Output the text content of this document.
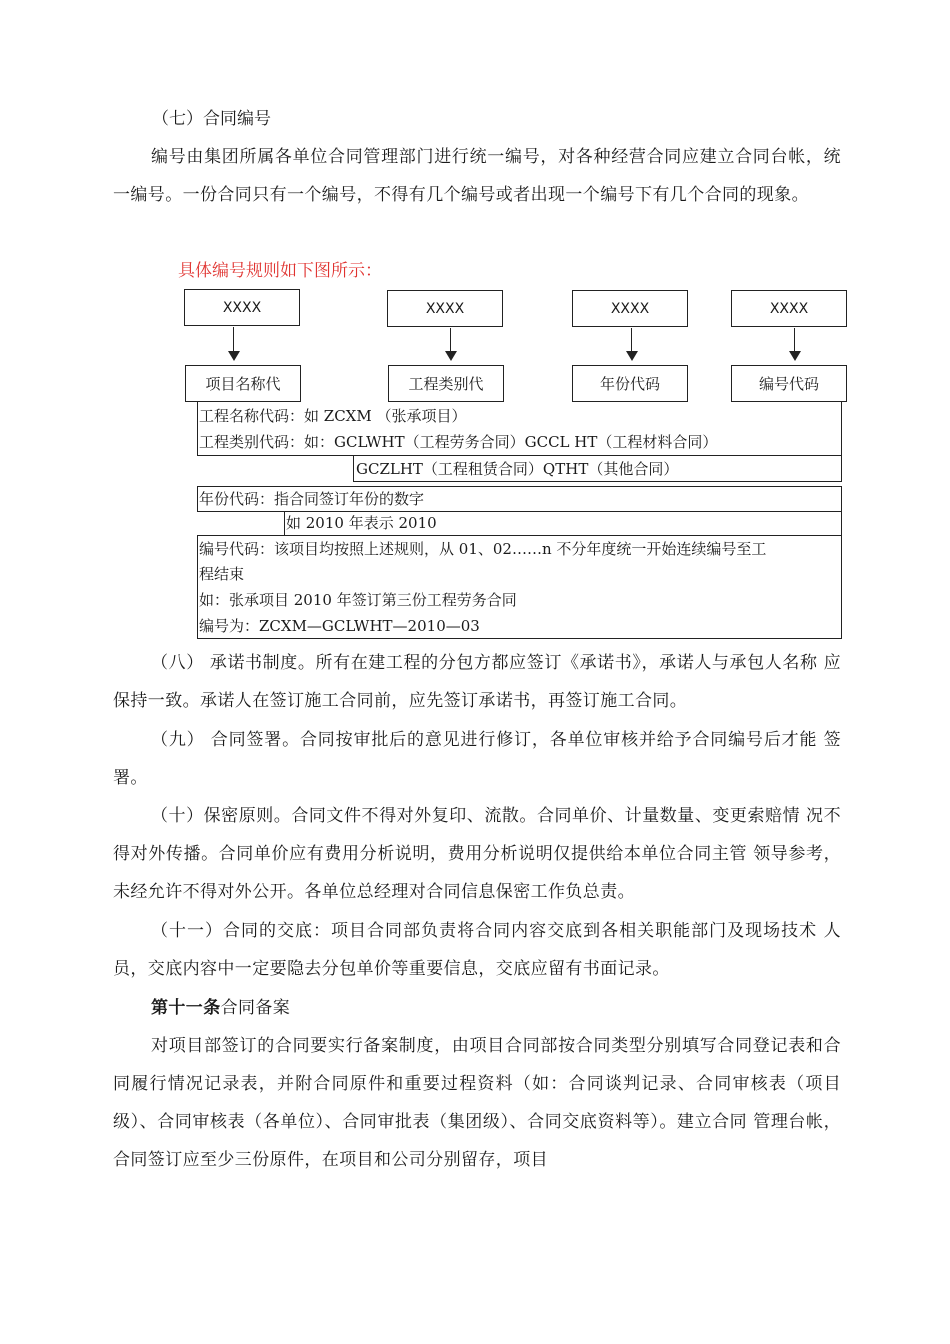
（七）合同编号

编号由集团所属各单位合同管理部门进行统一编号，对各种经营合同应建立合同台帐，统一编号。一份合同只有一个编号，不得有几个编号或者出现一个编号下有几个合同的现象。

具体编号规则如下图所示：
XXXX	XXXX	XXXX	XXXX
项目名称代	工程类别代	年份代码	编号代码
工程名称代码：如 ZCXM （张承项目）
工程类别代码：如：GCLWHT（工程劳务合同）GCCL HT（工程材料合同）
GCZLHT（工程租赁合同）QTHT（其他合同）
年份代码：指合同签订年份的数字
如 2010 年表示 2010
编号代码：该项目均按照上述规则，从 01、02……n 不分年度统一开始连续编号至工
程结束
如：张承项目 2010 年签订第三份工程劳务合同
编号为：ZCXM—GCLWHT—2010—03

（八） 承诺书制度。所有在建工程的分包方都应签订《承诺书》，承诺人与承包人名称 应保持一致。承诺人在签订施工合同前，应先签订承诺书，再签订施工合同。

（九） 合同签署。合同按审批后的意见进行修订，各单位审核并给予合同编号后才能 签署。

（十）保密原则。合同文件不得对外复印、流散。合同单价、计量数量、变更索赔情 况不得对外传播。合同单价应有费用分析说明，费用分析说明仅提供给本单位合同主管 领导参考，未经允许不得对外公开。各单位总经理对合同信息保密工作负总责。

（十一）合同的交底：项目合同部负责将合同内容交底到各相关职能部门及现场技术 人员，交底内容中一定要隐去分包单价等重要信息，交底应留有书面记录。

第十一条合同备案

对项目部签订的合同要实行备案制度，由项目合同部按合同类型分别填写合同登记表和合同履行情况记录表，并附合同原件和重要过程资料（如：合同谈判记录、合同审核表（项目级）、合同审核表（各单位）、合同审批表（集团级）、合同交底资料等）。建立合同 管理台帐，合同签订应至少三份原件，在项目和公司分别留存，项目
